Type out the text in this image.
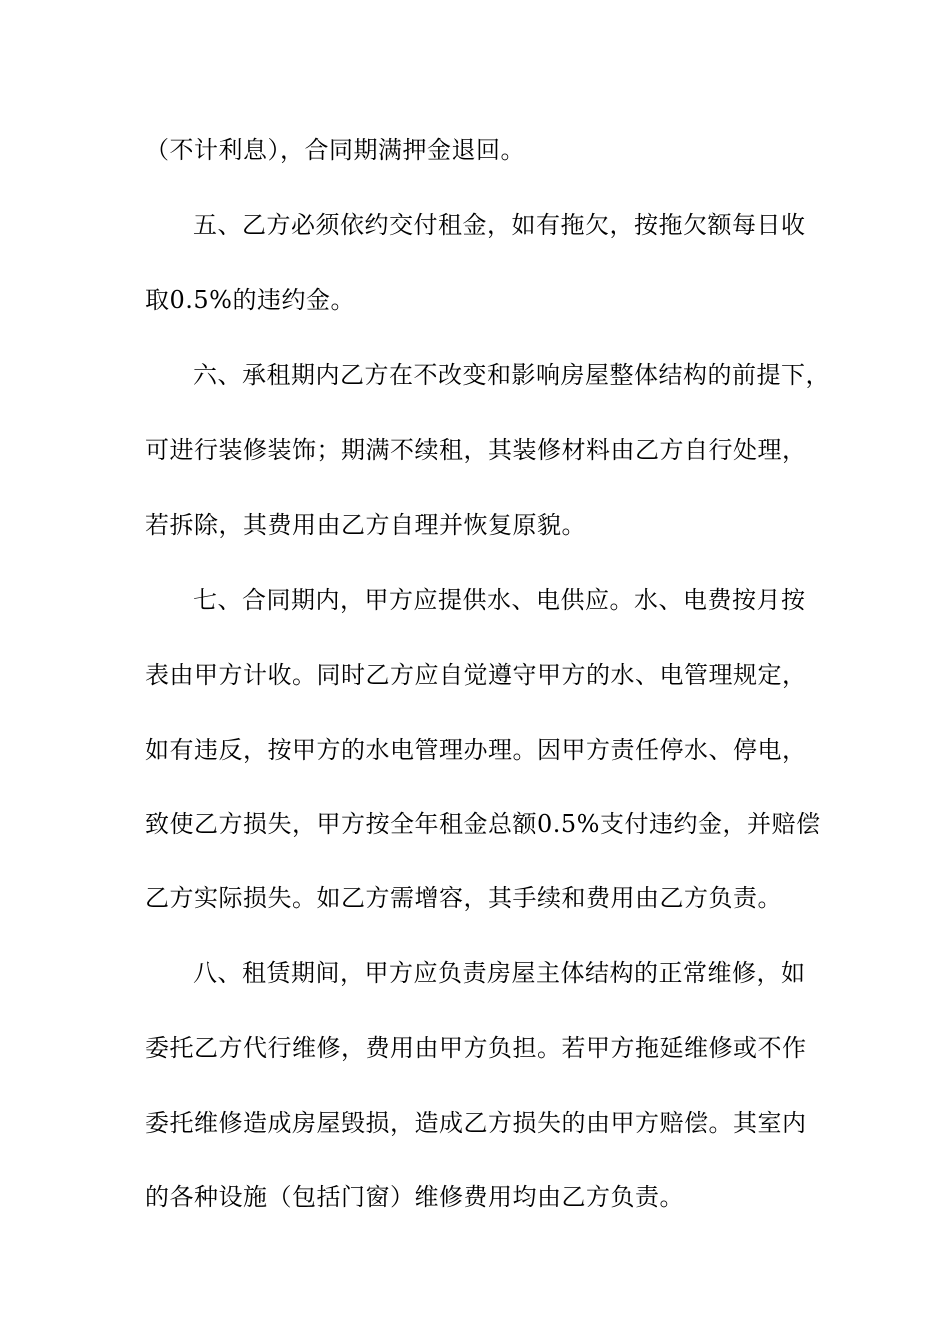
（不计利息），合同期满押金退回。
五、乙方必须依约交付租金，如有拖欠，按拖欠额每日收
取0.5%的违约金。
六、承租期内乙方在不改变和影响房屋整体结构的前提下，
可进行装修装饰；期满不续租，其装修材料由乙方自行处理，
若拆除，其费用由乙方自理并恢复原貌。
七、合同期内，甲方应提供水、电供应。水、电费按月按
表由甲方计收。同时乙方应自觉遵守甲方的水、电管理规定，
如有违反，按甲方的水电管理办理。因甲方责任停水、停电，
致使乙方损失，甲方按全年租金总额0.5%支付违约金，并赔偿
乙方实际损失。如乙方需增容，其手续和费用由乙方负责。
八、租赁期间，甲方应负责房屋主体结构的正常维修，如
委托乙方代行维修，费用由甲方负担。若甲方拖延维修或不作
委托维修造成房屋毁损，造成乙方损失的由甲方赔偿。其室内
的各种设施（包括门窗）维修费用均由乙方负责。
